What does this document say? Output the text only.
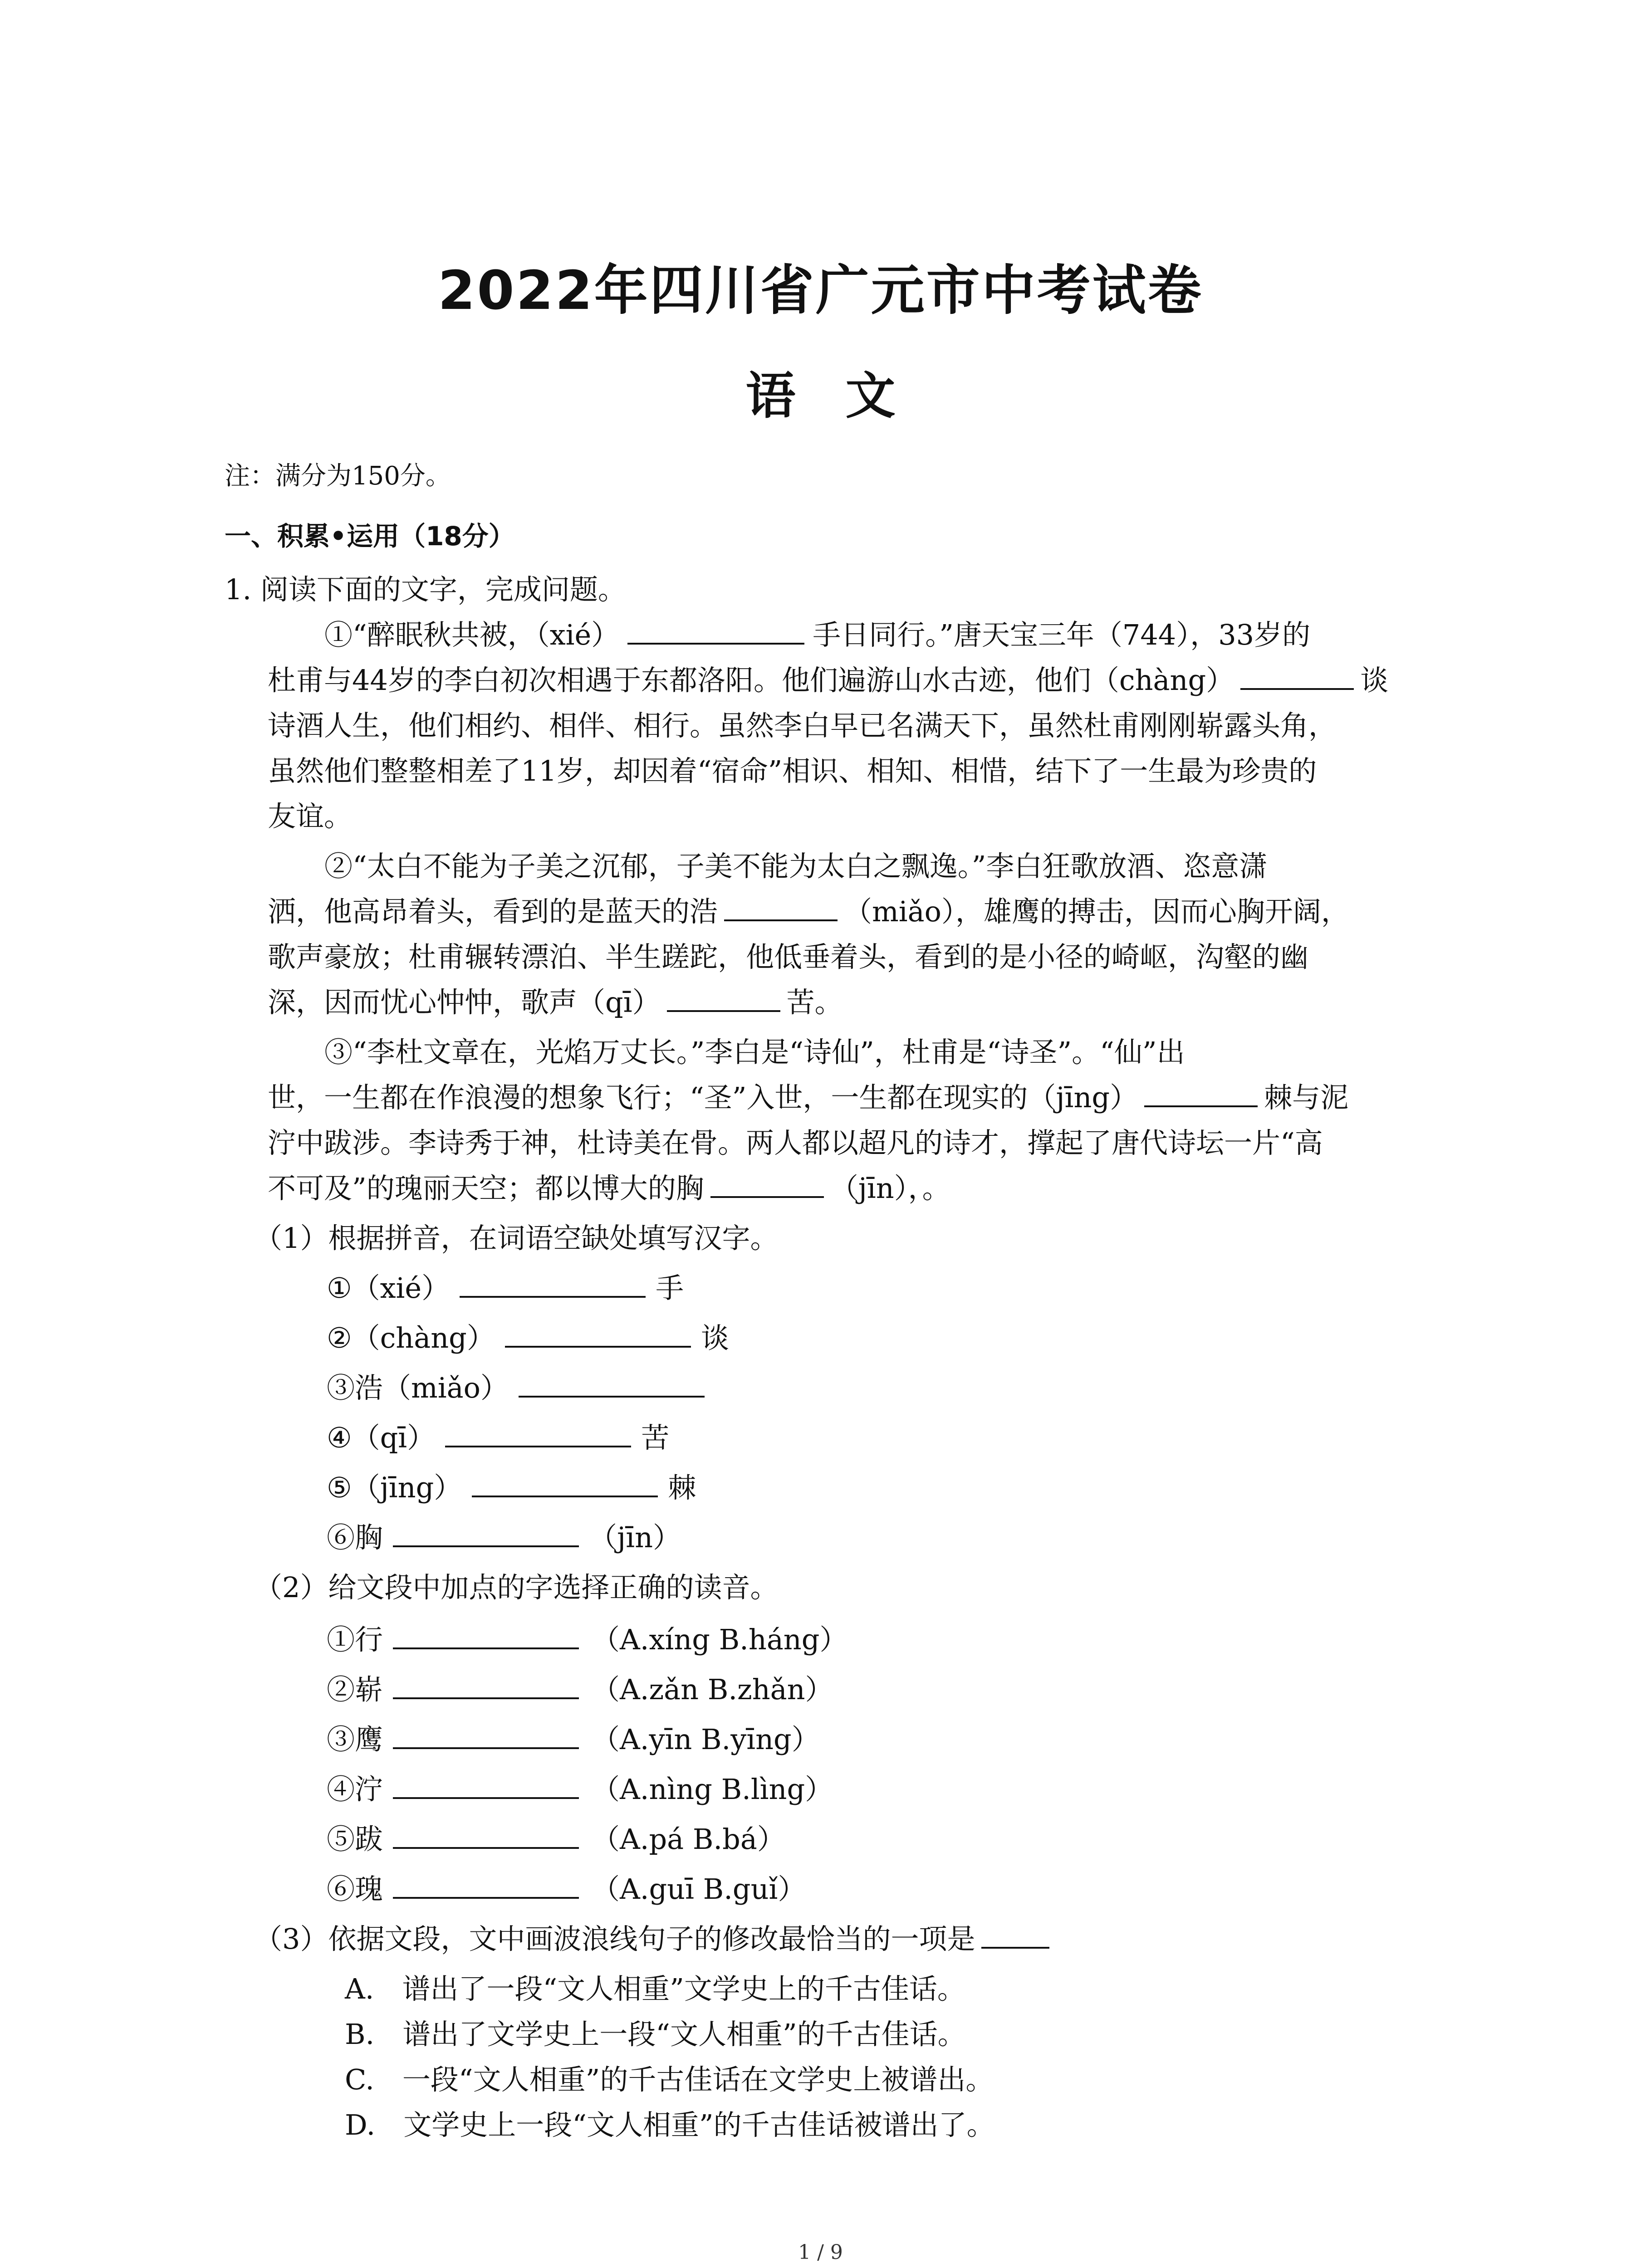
2022年四川省广元市中考试卷
语文
注：满分为150分。
一、积累•运用（18分）
1. 阅读下面的文字，完成问题。
①“醉眠秋共被，（xié）	手日同行。”唐天宝三年（744），33岁的
杜甫与44岁的李白初次相遇于东都洛阳。他们遍游山水古迹，他们（chàng）	谈
诗酒人生，他们相约、相伴、相行。虽然李白早已名满天下，虽然杜甫刚刚崭露头角，
虽然他们整整相差了11岁，却因着“宿命”相识、相知、相惜，结下了一生最为珍贵的
友谊。
②“太白不能为子美之沉郁，子美不能为太白之飘逸。”李白狂歌放酒、恣意潇
洒，他高昂着头，看到的是蓝天的浩	（miǎo），雄鹰的搏击，因而心胸开阔，
歌声豪放；杜甫辗转漂泊、半生蹉跎，他低垂着头，看到的是小径的崎岖，沟壑的幽
深，因而忧心忡忡，歌声（qī）	苦。
③“李杜文章在，光焰万丈长。”李白是“诗仙”，杜甫是“诗圣”。“仙”出
世，一生都在作浪漫的想象飞行；“圣”入世，一生都在现实的（jīng）	棘与泥
泞中跋涉。李诗秀于神，杜诗美在骨。两人都以超凡的诗才，撑起了唐代诗坛一片“高
不可及”的瑰丽天空；都以博大的胸	（jīn），。
（1）根据拼音，在词语空缺处填写汉字。
①（xié）	手
②（chàng）	谈
③浩（miǎo）
④（qī）	苦
⑤（jīng）	棘
⑥胸	（jīn）
（2）给文段中加点的字选择正确的读音。
①行	（A.xíng B.háng）
②崭	（A.zǎn B.zhǎn）
③鹰	（A.yīn B.yīng）
④泞	（A.nìng B.lìng）
⑤跋	（A.pá B.bá）
⑥瑰	（A.guī B.guǐ）
（3）依据文段，文中画波浪线句子的修改最恰当的一项是
A.　谱出了一段“文人相重”文学史上的千古佳话。
B.　谱出了文学史上一段“文人相重”的千古佳话。
C.　一段“文人相重”的千古佳话在文学史上被谱出。
D.　文学史上一段“文人相重”的千古佳话被谱出了。
1 / 9
